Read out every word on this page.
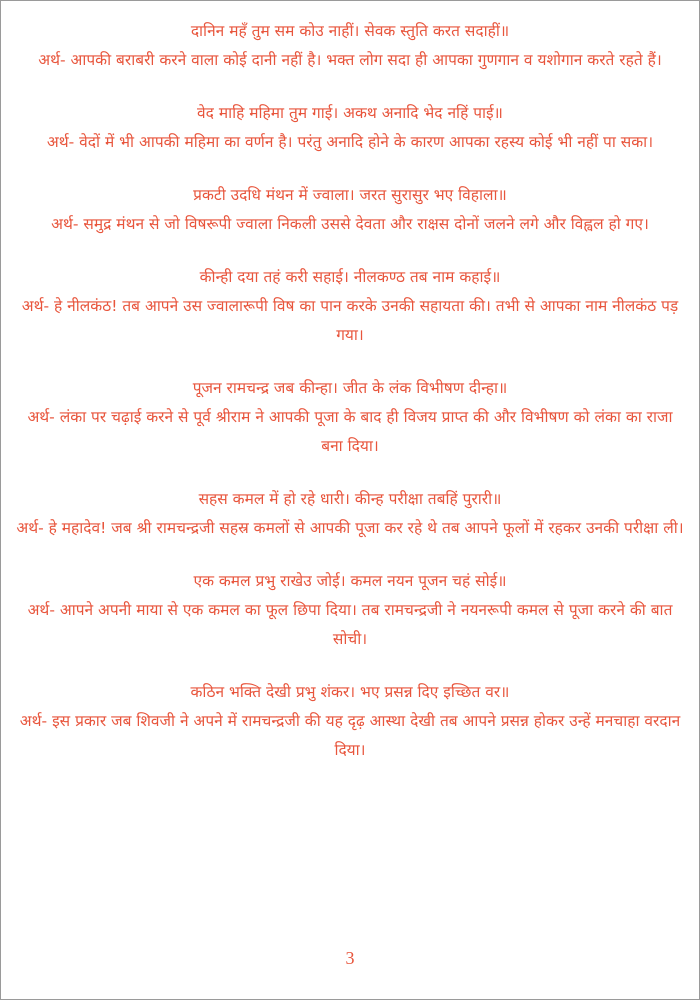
दानिन महँ तुम सम कोउ नाहीं। सेवक स्तुति करत सदाहीं॥

अर्थ- आपकी बराबरी करने वाला कोई दानी नहीं है। भक्त लोग सदा ही आपका गुणगान व यशोगान करते रहते हैं।

वेद माहि महिमा तुम गाई। अकथ अनादि भेद नहिं पाई॥

अर्थ- वेदों में भी आपकी महिमा का वर्णन है। परंतु अनादि होने के कारण आपका रहस्य कोई भी नहीं पा सका।

प्रकटी उदधि मंथन में ज्वाला। जरत सुरासुर भए विहाला॥

अर्थ- समुद्र मंथन से जो विषरूपी ज्वाला निकली उससे देवता और राक्षस दोनों जलने लगे और विह्वल हो गए।

कीन्ही दया तहं करी सहाई। नीलकण्ठ तब नाम कहाई॥

अर्थ- हे नीलकंठ! तब आपने उस ज्वालारूपी विष का पान करके उनकी सहायता की। तभी से आपका नाम नीलकंठ पड़ गया।

पूजन रामचन्द्र जब कीन्हा। जीत के लंक विभीषण दीन्हा॥

अर्थ- लंका पर चढ़ाई करने से पूर्व श्रीराम ने आपकी पूजा के बाद ही विजय प्राप्त की और विभीषण को लंका का राजा बना दिया।

सहस कमल में हो रहे धारी। कीन्ह परीक्षा तबहिं पुरारी॥

अर्थ- हे महादेव! जब श्री रामचन्द्रजी सहस्र कमलों से आपकी पूजा कर रहे थे तब आपने फूलों में रहकर उनकी परीक्षा ली।

एक कमल प्रभु राखेउ जोई। कमल नयन पूजन चहं सोई॥

अर्थ- आपने अपनी माया से एक कमल का फूल छिपा दिया। तब रामचन्द्रजी ने नयनरूपी कमल से पूजा करने की बात सोची।

कठिन भक्ति देखी प्रभु शंकर। भए प्रसन्न दिए इच्छित वर॥

अर्थ- इस प्रकार जब शिवजी ने अपने में रामचन्द्रजी की यह दृढ़ आस्था देखी तब आपने प्रसन्न होकर उन्हें मनचाहा वरदान दिया।

3
